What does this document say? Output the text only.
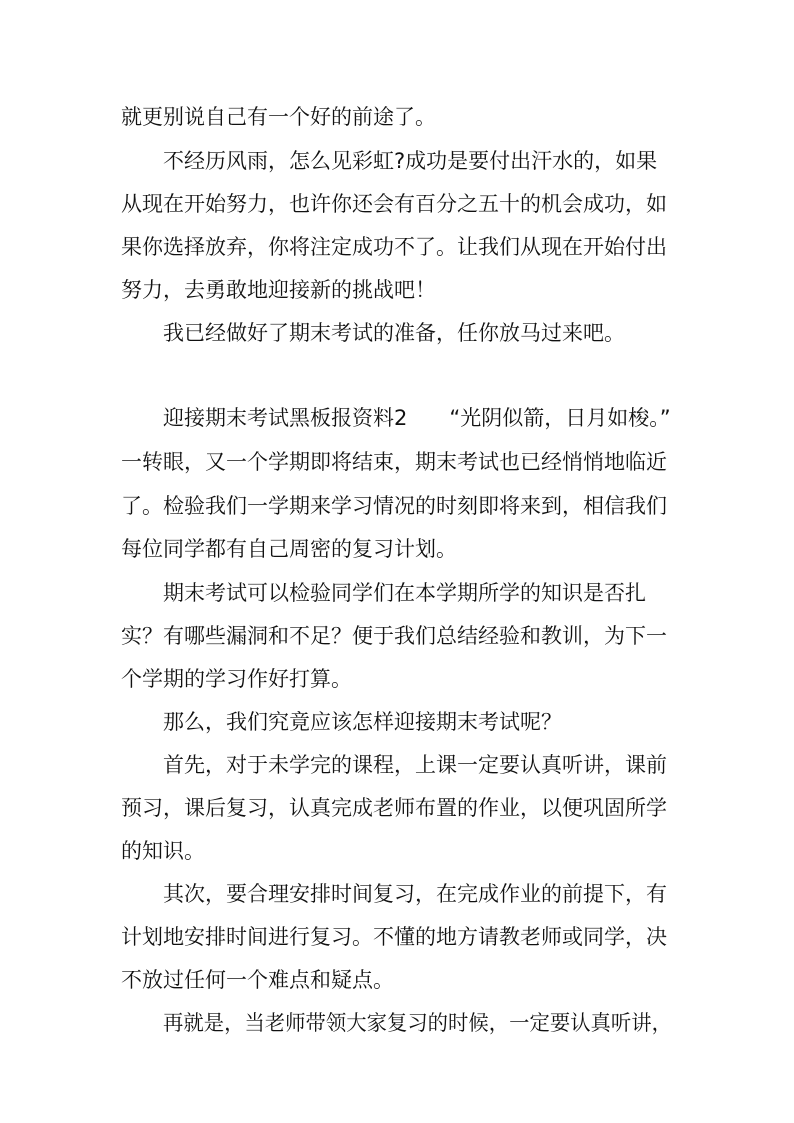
就更别说自己有一个好的前途了。
不经历风雨，怎么见彩虹?成功是要付出汗水的，如果
从现在开始努力，也许你还会有百分之五十的机会成功，如
果你选择放弃，你将注定成功不了。让我们从现在开始付出
努力，去勇敢地迎接新的挑战吧！
我已经做好了期末考试的准备，任你放马过来吧。
迎接期末考试黑板报资料2　　“光阴似箭，日月如梭。”
一转眼，又一个学期即将结束，期末考试也已经悄悄地临近
了。检验我们一学期来学习情况的时刻即将来到，相信我们
每位同学都有自己周密的复习计划。
期末考试可以检验同学们在本学期所学的知识是否扎
实？有哪些漏洞和不足？便于我们总结经验和教训，为下一
个学期的学习作好打算。
那么，我们究竟应该怎样迎接期末考试呢？
首先，对于未学完的课程，上课一定要认真听讲，课前
预习，课后复习，认真完成老师布置的作业，以便巩固所学
的知识。
其次，要合理安排时间复习，在完成作业的前提下，有
计划地安排时间进行复习。不懂的地方请教老师或同学，决
不放过任何一个难点和疑点。
再就是，当老师带领大家复习的时候，一定要认真听讲，
